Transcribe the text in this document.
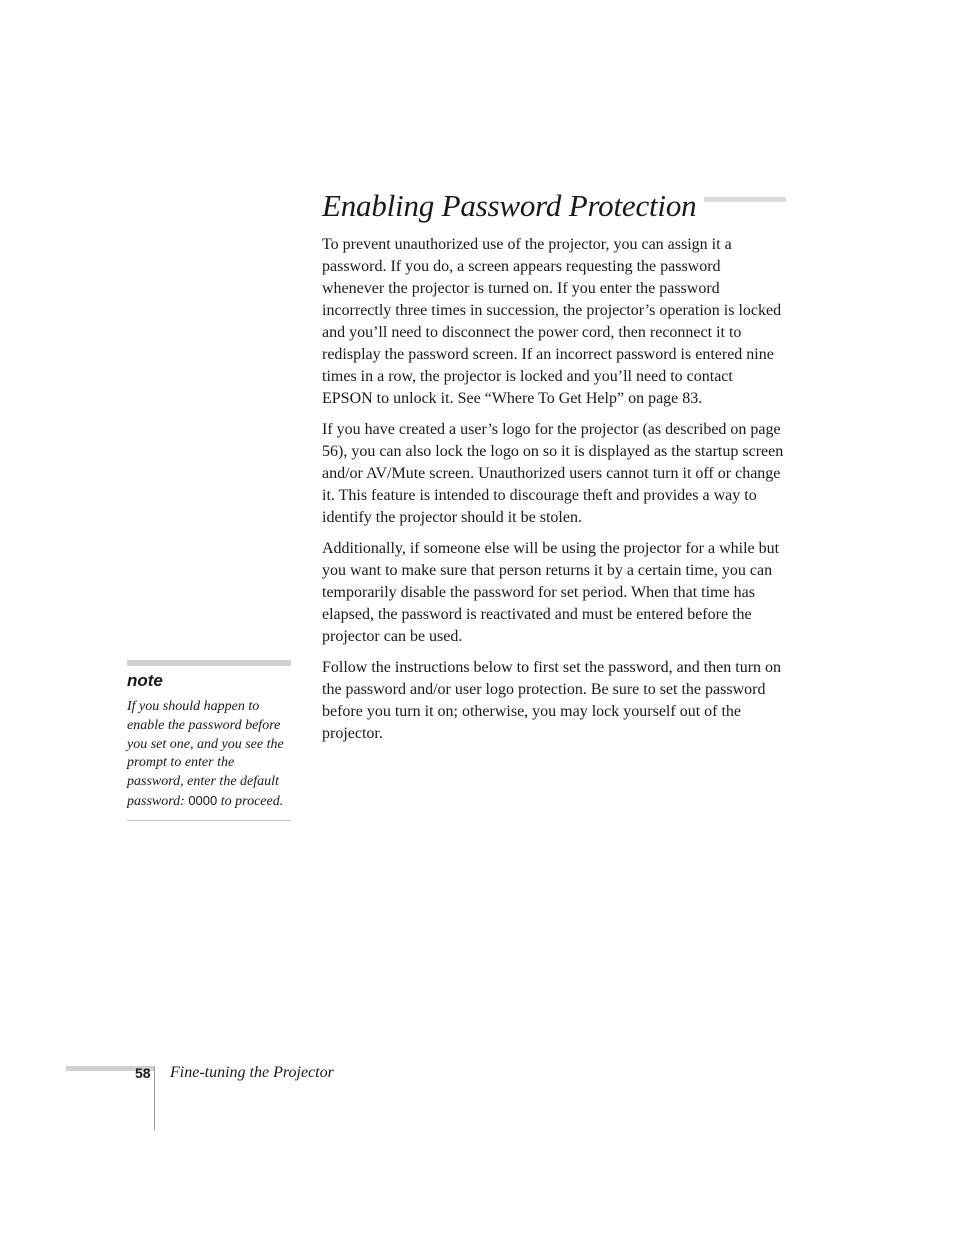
Enabling Password Protection

To prevent unauthorized use of the projector, you can assign it a password. If you do, a screen appears requesting the password whenever the projector is turned on. If you enter the password incorrectly three times in succession, the projector’s operation is locked and you’ll need to disconnect the power cord, then reconnect it to redisplay the password screen. If an incorrect password is entered nine times in a row, the projector is locked and you’ll need to contact EPSON to unlock it. See “Where To Get Help” on page 83.

If you have created a user’s logo for the projector (as described on page 56), you can also lock the logo on so it is displayed as the startup screen and/or AV/Mute screen. Unauthorized users cannot turn it off or change it. This feature is intended to discourage theft and provides a way to identify the projector should it be stolen.

Additionally, if someone else will be using the projector for a while but you want to make sure that person returns it by a certain time, you can temporarily disable the password for set period. When that time has elapsed, the password is reactivated and must be entered before the projector can be used.

Follow the instructions below to first set the password, and then turn on the password and/or user logo protection. Be sure to set the password before you turn it on; otherwise, you may lock yourself out of the projector.

note
If you should happen to enable the password before you set one, and you see the prompt to enter the password, enter the default password: 0000 to proceed.
58 Fine-tuning the Projector
